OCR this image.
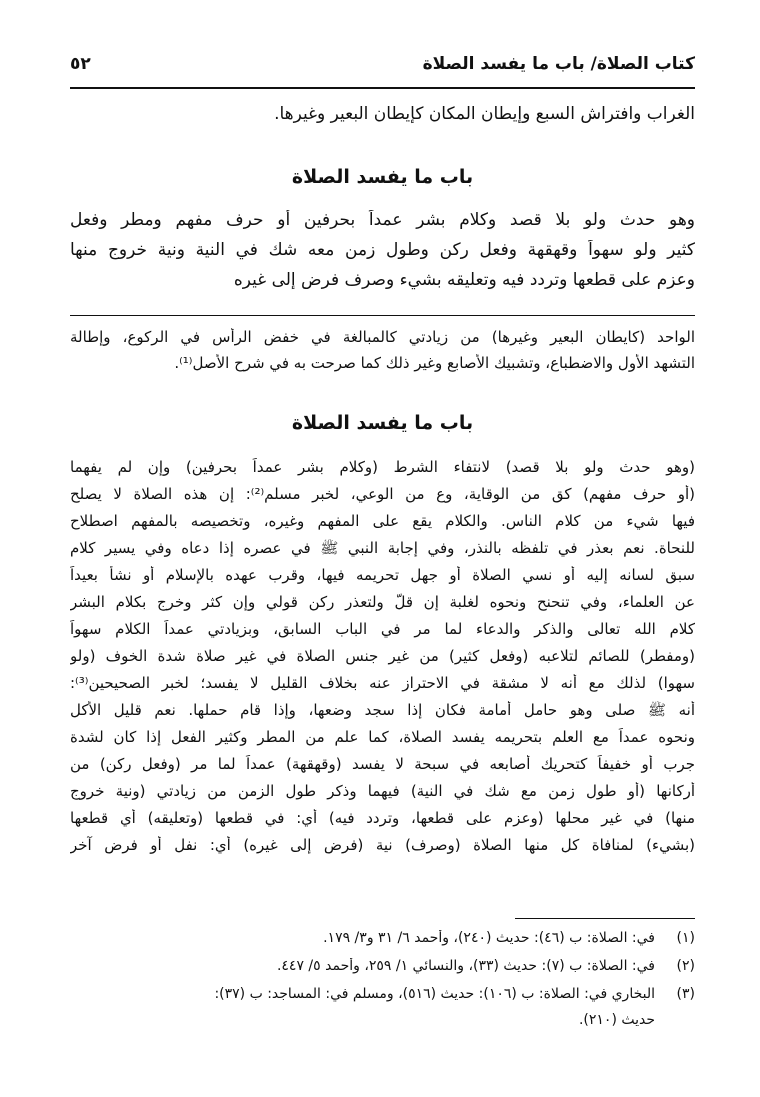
كتاب الصلاة/ باب ما يفسد الصلاة
٥٢
الغراب وافتراش السبع وإيطان المكان كإيطان البعير وغيرها.
باب ما يفسد الصلاة
وهو حدث ولو بلا قصد وكلام بشر عمداً بحرفين أو حرف مفهم ومطر وفعل
كثير ولو سهواً وقهقهة وفعل ركن وطول زمن معه شك في النية ونية خروج منها
وعزم على قطعها وتردد فيه وتعليقه بشيء وصرف فرض إلى غيره
الواحد (كايطان البعير وغيرها) من زيادتي كالمبالغة في خفض الرأس في الركوع، وإطالة
التشهد الأول والاضطباع، وتشبيك الأصابع وغير ذلك كما صرحت به في شرح الأصل⁽¹⁾.
باب ما يفسد الصلاة
(وهو حدث ولو بلا قصد) لانتفاء الشرط (وكلام بشر عمداً بحرفين) وإن لم يفهما
(أو حرف مفهم) كق من الوقاية، وع من الوعي، لخبر مسلم⁽²⁾: إن هذه الصلاة لا يصلح
فيها شيء من كلام الناس. والكلام يقع على المفهم وغيره، وتخصيصه بالمفهم اصطلاح
للنحاة. نعم بعذر في تلفظه بالنذر، وفي إجابة النبي ﷺ في عصره إذا دعاه وفي يسير كلام
سبق لسانه إليه أو نسي الصلاة أو جهل تحريمه فيها، وقرب عهده بالإسلام أو نشأ بعيداً
عن العلماء، وفي تنحنح ونحوه لغلبة إن قلّ ولتعذر ركن قولي وإن كثر وخرج بكلام البشر
كلام الله تعالى والذكر والدعاء لما مر في الباب السابق، وبزيادتي عمداً الكلام سهواً
(ومفطر) للصائم لتلاعبه (وفعل كثير) من غير جنس الصلاة في غير صلاة شدة الخوف (ولو
سهوا) لذلك مع أنه لا مشقة في الاحتراز عنه بخلاف القليل لا يفسد؛ لخبر الصحيحين⁽³⁾:
أنه ﷺ صلى وهو حامل أمامة فكان إذا سجد وضعها، وإذا قام حملها. نعم قليل الأكل
ونحوه عمداً مع العلم بتحريمه يفسد الصلاة، كما علم من المطر وكثير الفعل إذا كان لشدة
جرب أو خفيفاً كتحريك أصابعه في سبحة لا يفسد (وقهقهة) عمداً لما مر (وفعل ركن) من
أركانها (أو طول زمن مع شك في النية) فيهما وذكر طول الزمن من زيادتي (ونية خروج
منها) في غير محلها (وعزم على قطعها، وتردد فيه) أي: في قطعها (وتعليقه) أي قطعها
(بشيء) لمنافاة كل منها الصلاة (وصرف) نية (فرض إلى غيره) أي: نفل أو فرض آخر
(١)في: الصلاة: ب (٤٦): حديث (٢٤٠)، وأحمد ٦/ ٣١ و٣/ ١٧٩.
(٢)في: الصلاة: ب (٧): حديث (٣٣)، والنسائي ١/ ٢٥٩، وأحمد ٥/ ٤٤٧.
(٣)البخاري في: الصلاة: ب (١٠٦): حديث (٥١٦)، ومسلم في: المساجد: ب (٣٧):
حديث (٢١٠).
